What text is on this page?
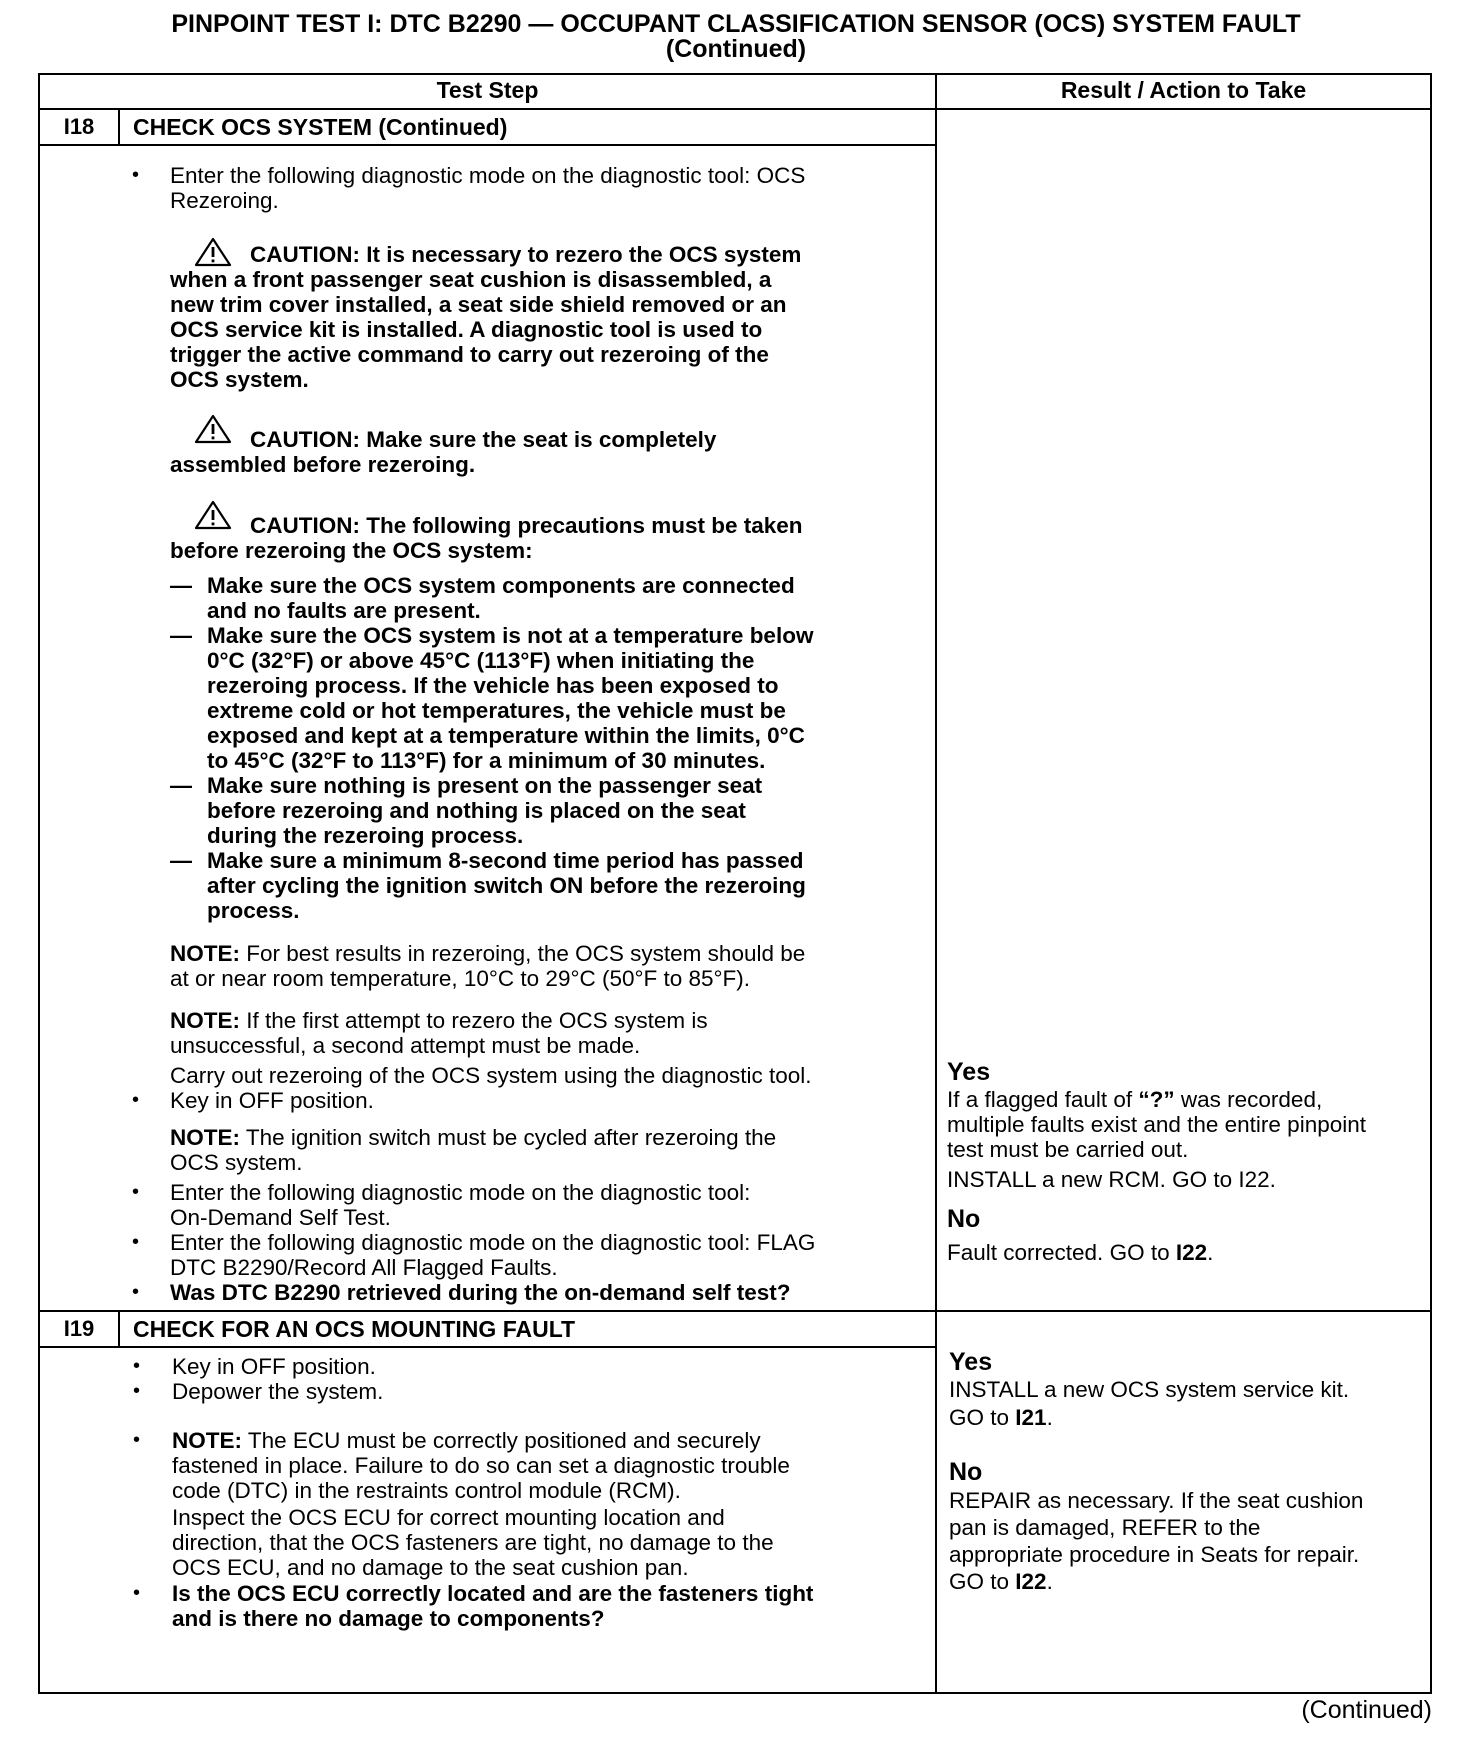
PINPOINT TEST I: DTC B2290 — OCCUPANT CLASSIFICATION SENSOR (OCS) SYSTEM FAULT
(Continued)
Test Step	Result / Action to Take
I18	CHECK OCS SYSTEM (Continued)
• Enter the following diagnostic mode on the diagnostic tool: OCS
Rezeroing.
CAUTION: It is necessary to rezero the OCS system
when a front passenger seat cushion is disassembled, a
new trim cover installed, a seat side shield removed or an
OCS service kit is installed. A diagnostic tool is used to
trigger the active command to carry out rezeroing of the
OCS system.
CAUTION: Make sure the seat is completely
assembled before rezeroing.
CAUTION: The following precautions must be taken
before rezeroing the OCS system:
— Make sure the OCS system components are connected
and no faults are present.
— Make sure the OCS system is not at a temperature below
0°C (32°F) or above 45°C (113°F) when initiating the
rezeroing process. If the vehicle has been exposed to
extreme cold or hot temperatures, the vehicle must be
exposed and kept at a temperature within the limits, 0°C
to 45°C (32°F to 113°F) for a minimum of 30 minutes.
— Make sure nothing is present on the passenger seat
before rezeroing and nothing is placed on the seat
during the rezeroing process.
— Make sure a minimum 8-second time period has passed
after cycling the ignition switch ON before the rezeroing
process.
NOTE: For best results in rezeroing, the OCS system should be
at or near room temperature, 10°C to 29°C (50°F to 85°F).
NOTE: If the first attempt to rezero the OCS system is
unsuccessful, a second attempt must be made.
Carry out rezeroing of the OCS system using the diagnostic tool.
• Key in OFF position.
NOTE: The ignition switch must be cycled after rezeroing the
OCS system.
• Enter the following diagnostic mode on the diagnostic tool:
On-Demand Self Test.
• Enter the following diagnostic mode on the diagnostic tool: FLAG
DTC B2290/Record All Flagged Faults.
• Was DTC B2290 retrieved during the on-demand self test?
Yes
If a flagged fault of “?” was recorded,
multiple faults exist and the entire pinpoint
test must be carried out.
INSTALL a new RCM. GO to I22.
No
Fault corrected. GO to I22.
I19	CHECK FOR AN OCS MOUNTING FAULT
• Key in OFF position.
• Depower the system.
• NOTE: The ECU must be correctly positioned and securely
fastened in place. Failure to do so can set a diagnostic trouble
code (DTC) in the restraints control module (RCM).
Inspect the OCS ECU for correct mounting location and
direction, that the OCS fasteners are tight, no damage to the
OCS ECU, and no damage to the seat cushion pan.
• Is the OCS ECU correctly located and are the fasteners tight
and is there no damage to components?
Yes
INSTALL a new OCS system service kit.
GO to I21.
No
REPAIR as necessary. If the seat cushion
pan is damaged, REFER to the
appropriate procedure in Seats for repair.
GO to I22.
(Continued)
